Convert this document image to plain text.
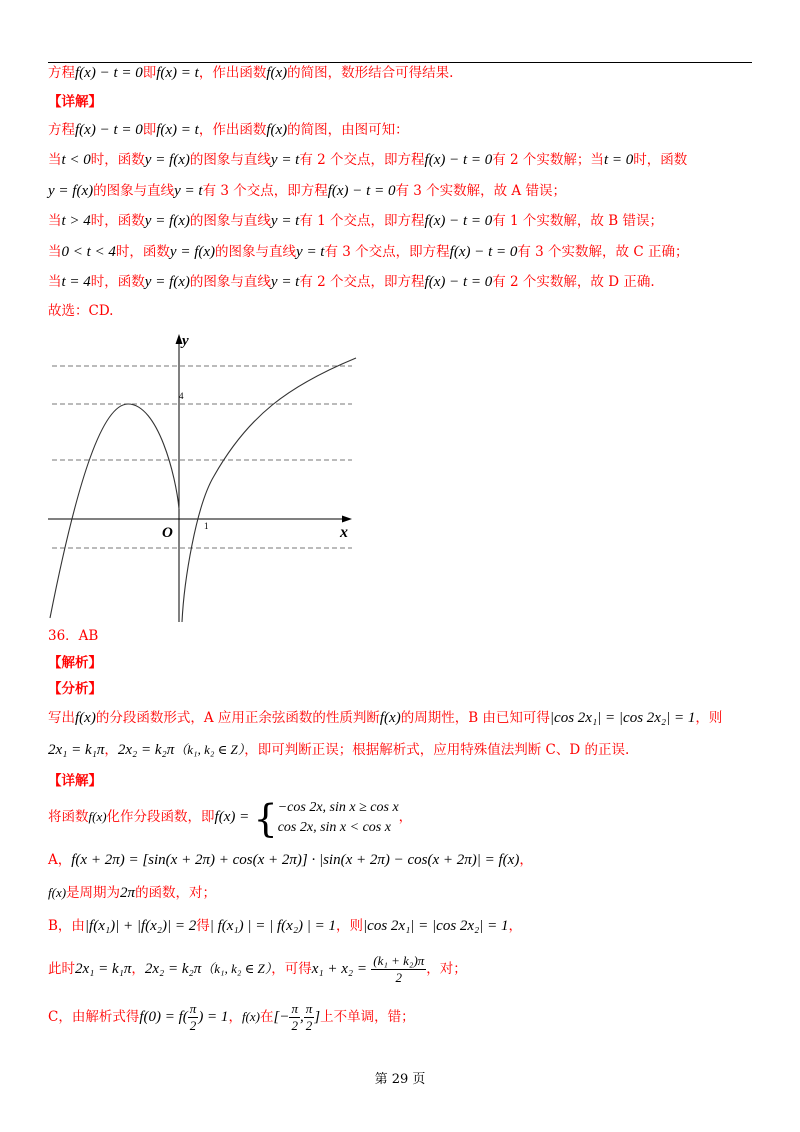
方程f(x) − t = 0即f(x) = t，作出函数f(x)的简图，数形结合可得结果.
【详解】
方程f(x) − t = 0即f(x) = t，作出函数f(x)的简图，由图可知：
当t < 0时，函数y = f(x)的图象与直线y = t有 2 个交点，即方程f(x) − t = 0有 2 个实数解；当t = 0时，函数
y = f(x)的图象与直线y = t有 3 个交点，即方程f(x) − t = 0有 3 个实数解，故 A 错误；
当t > 4时，函数y = f(x)的图象与直线y = t有 1 个交点，即方程f(x) − t = 0有 1 个实数解，故 B 错误；
当0 < t < 4时，函数y = f(x)的图象与直线y = t有 3 个交点，即方程f(x) − t = 0有 3 个实数解，故 C 正确；
当t = 4时，函数y = f(x)的图象与直线y = t有 2 个交点，即方程f(x) − t = 0有 2 个实数解，故 D 正确.
故选：CD.
y
x
O
4
1
36．AB
【解析】
【分析】
写出f(x)的分段函数形式，A 应用正余弦函数的性质判断f(x)的周期性，B 由已知可得|cos 2x₁| = |cos 2x₂| = 1，则
2x₁ = k₁π，2x₂ = k₂π（k₁, k₂ ∈ Z），即可判断正误；根据解析式，应用特殊值法判断 C、D 的正误.
【详解】
将函数f(x)化作分段函数，即f(x) = { −cos 2x, sin x ≥ cos x
cos 2x, sin x < cos x
，
A，f(x + 2π) = [sin(x + 2π) + cos(x + 2π)] · |sin(x + 2π) − cos(x + 2π)| = f(x)，
f(x)是周期为2π的函数，对；
B，由|f(x₁)| + |f(x₂)| = 2得| f(x₁) | = | f(x₂) | = 1，则|cos 2x₁| = |cos 2x₂| = 1，
此时2x₁ = k₁π，2x₂ = k₂π（k₁, k₂ ∈ Z），可得$x_1 + x_2 = \frac{\text{(k₁ + k₂)π}}{2}$ ，对；
C，由解析式得$f(0) = f( \frac{\pi}{2}$ ) = 1，f(x)在[− $\frac{\pi}{2}$ , $\frac{\pi}{2}$ ]上不单调，错；
第 29 页
